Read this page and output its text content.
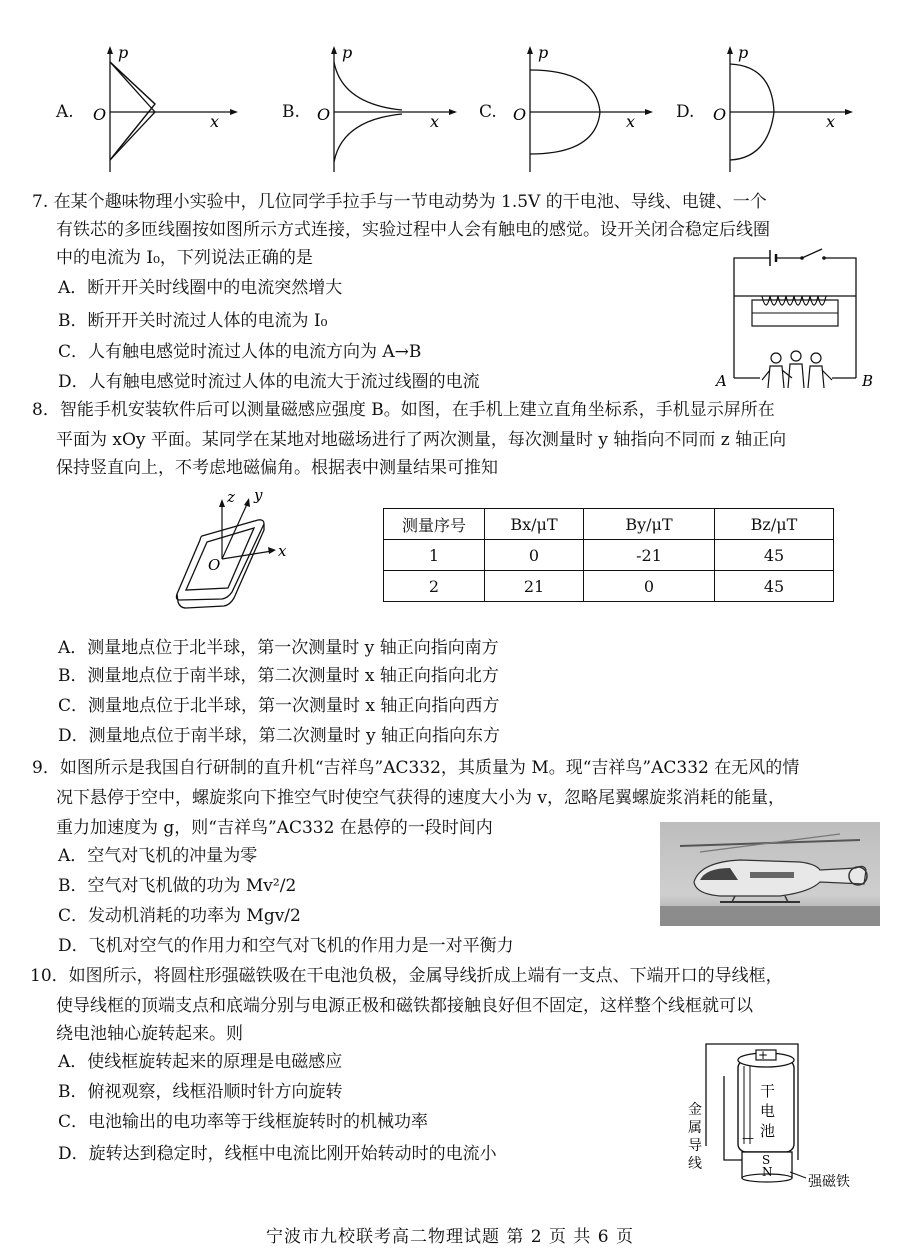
A.
p
O	x	B.
p
O	x C.
p
O	x D.
p
O	x
7. 在某个趣味物理小实验中，几位同学手拉手与一节电动势为 1.5V 的干电池、导线、电键、一个
有铁芯的多匝线圈按如图所示方式连接，实验过程中人会有触电的感觉。设开关闭合稳定后线圈
中的电流为 I₀，下列说法正确的是
A．断开开关时线圈中的电流突然增大
B．断开开关时流过人体的电流为 I₀
C．人有触电感觉时流过人体的电流方向为 A→B
D．人有触电感觉时流过人体的电流大于流过线圈的电流	A	B
8．智能手机安装软件后可以测量磁感应强度 B。如图，在手机上建立直角坐标系，手机显示屏所在
平面为 xOy 平面。某同学在某地对地磁场进行了两次测量，每次测量时 y 轴指向不同而 z 轴正向
保持竖直向上，不考虑地磁偏角。根据表中测量结果可推知
z y
x
O
测量序号	Bx/μT	By/μT	Bz/μT
1	0	-21	45
2	21	0	45
A．测量地点位于北半球，第一次测量时 y 轴正向指向南方
B．测量地点位于南半球，第二次测量时 x 轴正向指向北方
C．测量地点位于北半球，第一次测量时 x 轴正向指向西方
D．测量地点位于南半球，第二次测量时 y 轴正向指向东方
9．如图所示是我国自行研制的直升机“吉祥鸟”AC332，其质量为 M。现“吉祥鸟”AC332 在无风的情
况下悬停于空中，螺旋浆向下推空气时使空气获得的速度大小为 v，忽略尾翼螺旋浆消耗的能量，
重力加速度为 g，则“吉祥鸟”AC332 在悬停的一段时间内
A．空气对飞机的冲量为零
B．空气对飞机做的功为 Mv²/2
C．发动机消耗的功率为 Mgv/2
D．飞机对空气的作用力和空气对飞机的作用力是一对平衡力
10．如图所示，将圆柱形强磁铁吸在干电池负极，金属导线折成上端有一支点、下端开口的导线框，
使导线框的顶端支点和底端分别与电源正极和磁铁都接触良好但不固定，这样整个线框就可以
绕电池轴心旋转起来。则
A．使线框旋转起来的原理是电磁感应
B．俯视观察，线框沿顺时针方向旋转
C．电池输出的电功率等于线框旋转时的机械功率
D．旋转达到稳定时，线框中电流比刚开始转动时的电流小
+
干
电
池
—
S
N
金
属
导
线
强磁铁
宁波市九校联考高二物理试题 第 2 页 共 6 页
